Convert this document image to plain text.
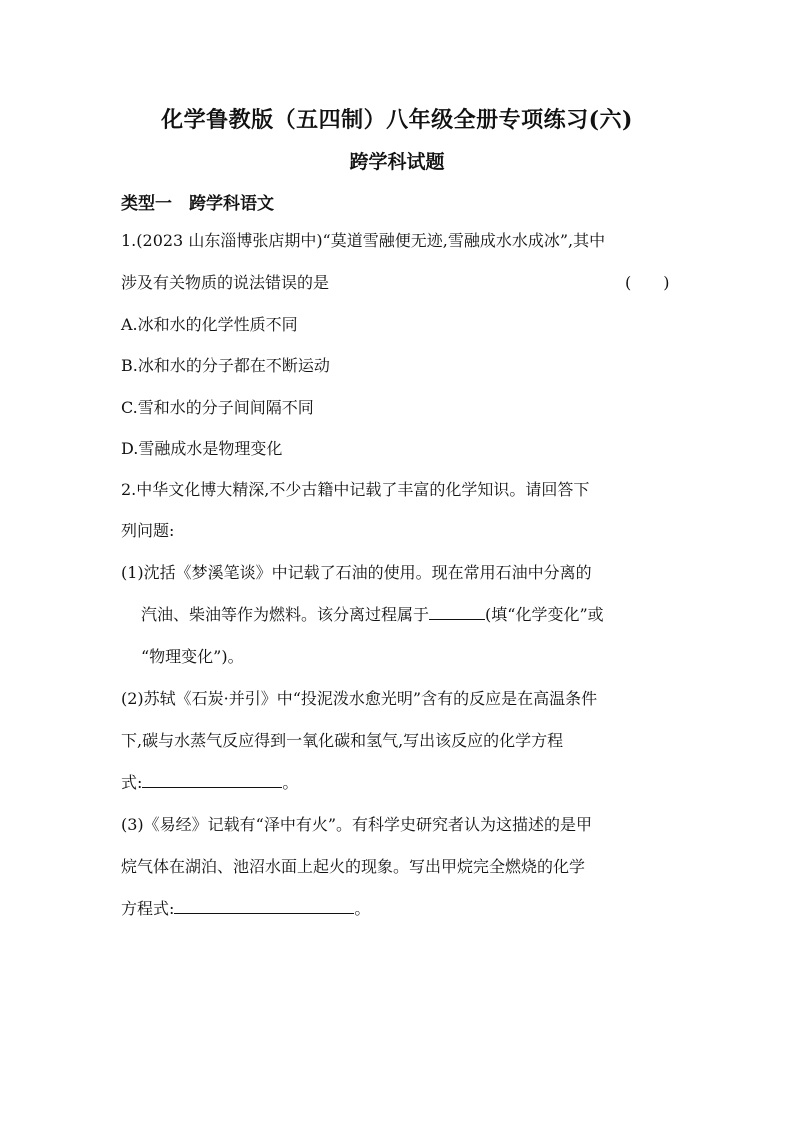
化学鲁教版（五四制）八年级全册专项练习(六)
跨学科试题
类型一　跨学科语文
1.(2023 山东淄博张店期中)“莫道雪融便无迹,雪融成水水成冰”,其中
涉及有关物质的说法错误的是	(　　)
A.冰和水的化学性质不同
B.冰和水的分子都在不断运动
C.雪和水的分子间间隔不同
D.雪融成水是物理变化
2.中华文化博大精深,不少古籍中记载了丰富的化学知识。请回答下
列问题:
(1)沈括《梦溪笔谈》中记载了石油的使用。现在常用石油中分离的
汽油、柴油等作为燃料。该分离过程属于	(填“化学变化”或
“物理变化”)。
(2)苏轼《石炭·并引》中“投泥泼水愈光明”含有的反应是在高温条件
下,碳与水蒸气反应得到一氧化碳和氢气,写出该反应的化学方程
式:	。
(3)《易经》记载有“泽中有火”。有科学史研究者认为这描述的是甲
烷气体在湖泊、池沼水面上起火的现象。写出甲烷完全燃烧的化学
方程式:	。
